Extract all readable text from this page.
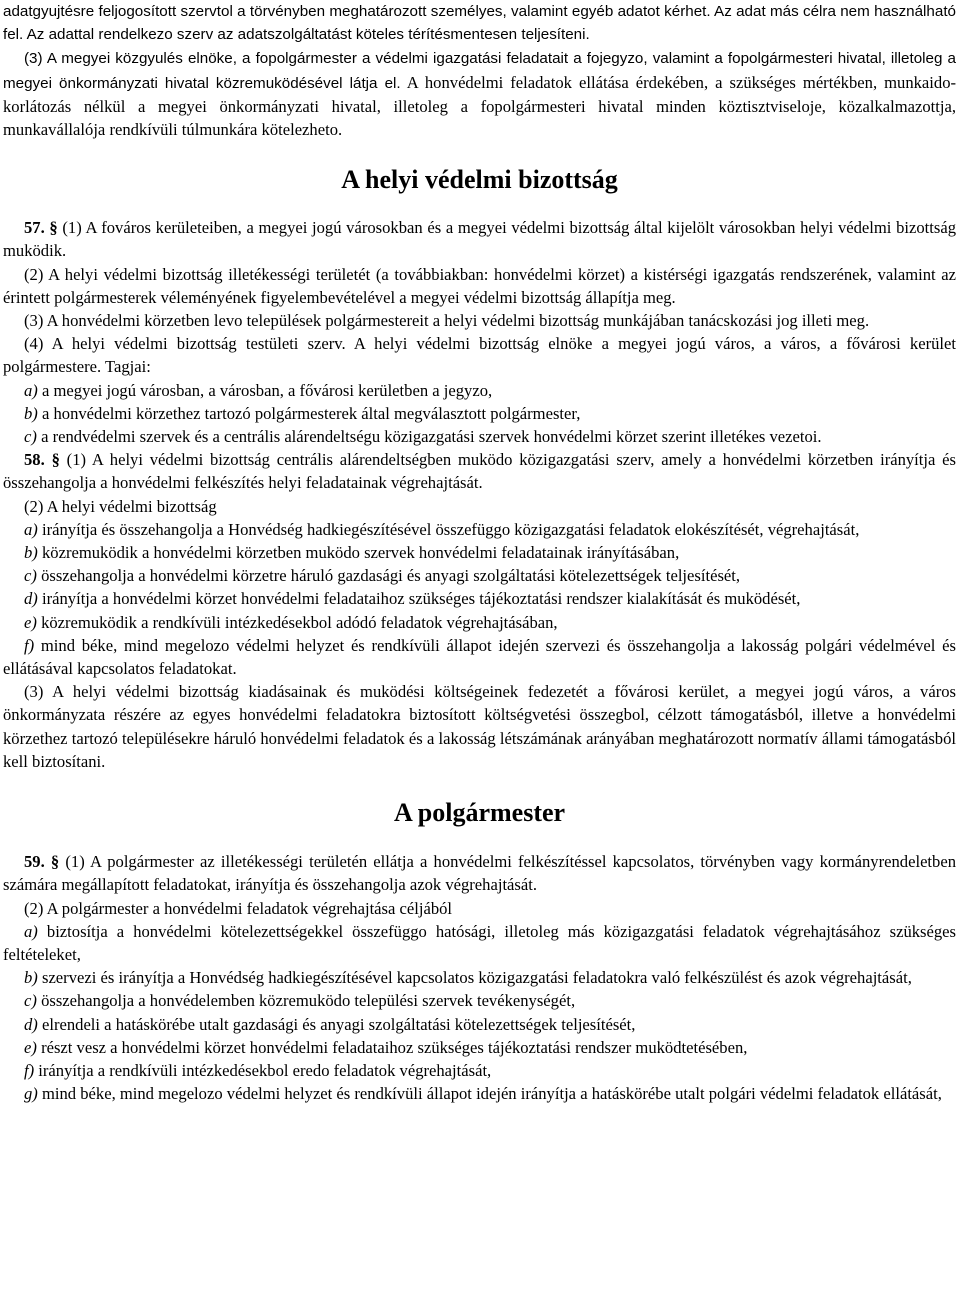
adatgyujtésre feljogosított szervtol a törvényben meghatározott személyes, valamint egyéb adatot kérhet. Az adat más célra nem használható fel. Az adattal rendelkezo szerv az adatszolgáltatást köteles térítésmentesen teljesíteni.

(3) A megyei közgyulés elnöke, a fopolgármester a védelmi igazgatási feladatait a fojegyzo, valamint a fopolgármesteri hivatal, illetoleg a megyei önkormányzati hivatal közremuködésével látja el. A honvédelmi feladatok ellátása érdekében, a szükséges mértékben, munkaido-korlátozás nélkül a megyei önkormányzati hivatal, illetoleg a fopolgármesteri hivatal minden köztisztviseloje, közalkalmazottja, munkavállalója rendkívüli túlmunkára kötelezheto.

A helyi védelmi bizottság

57. § (1) A fováros kerületeiben, a megyei jogú városokban és a megyei védelmi bizottság által kijelölt városokban helyi védelmi bizottság muködik.

(2) A helyi védelmi bizottság illetékességi területét (a továbbiakban: honvédelmi körzet) a kistérségi igazgatás rendszerének, valamint az érintett polgármesterek véleményének figyelembevételével a megyei védelmi bizottság állapítja meg.

(3) A honvédelmi körzetben levo települések polgármestereit a helyi védelmi bizottság munkájában tanácskozási jog illeti meg.

(4) A helyi védelmi bizottság testületi szerv. A helyi védelmi bizottság elnöke a megyei jogú város, a város, a fővárosi kerület polgármestere. Tagjai:

a) a megyei jogú városban, a városban, a fővárosi kerületben a jegyzo,

b) a honvédelmi körzethez tartozó polgármesterek által megválasztott polgármester,

c) a rendvédelmi szervek és a centrális alárendeltségu közigazgatási szervek honvédelmi körzet szerint illetékes vezetoi.

58. § (1) A helyi védelmi bizottság centrális alárendeltségben muködo közigazgatási szerv, amely a honvédelmi körzetben irányítja és összehangolja a honvédelmi felkészítés helyi feladatainak végrehajtását.

(2) A helyi védelmi bizottság

a) irányítja és összehangolja a Honvédség hadkiegészítésével összefüggo közigazgatási feladatok elokészítését, végrehajtását,

b) közremuködik a honvédelmi körzetben muködo szervek honvédelmi feladatainak irányításában,

c) összehangolja a honvédelmi körzetre háruló gazdasági és anyagi szolgáltatási kötelezettségek teljesítését,

d) irányítja a honvédelmi körzet honvédelmi feladataihoz szükséges tájékoztatási rendszer kialakítását és muködését,

e) közremuködik a rendkívüli intézkedésekbol adódó feladatok végrehajtásában,

f) mind béke, mind megelozo védelmi helyzet és rendkívüli állapot idején szervezi és összehangolja a lakosság polgári védelmével és ellátásával kapcsolatos feladatokat.

(3) A helyi védelmi bizottság kiadásainak és muködési költségeinek fedezetét a fővárosi kerület, a megyei jogú város, a város önkormányzata részére az egyes honvédelmi feladatokra biztosított költségvetési összegbol, célzott támogatásból, illetve a honvédelmi körzethez tartozó településekre háruló honvédelmi feladatok és a lakosság létszámának arányában meghatározott normatív állami támogatásból kell biztosítani.

A polgármester

59. § (1) A polgármester az illetékességi területén ellátja a honvédelmi felkészítéssel kapcsolatos, törvényben vagy kormányrendeletben számára megállapított feladatokat, irányítja és összehangolja azok végrehajtását.

(2) A polgármester a honvédelmi feladatok végrehajtása céljából

a) biztosítja a honvédelmi kötelezettségekkel összefüggo hatósági, illetoleg más közigazgatási feladatok végrehajtásához szükséges feltételeket,

b) szervezi és irányítja a Honvédség hadkiegészítésével kapcsolatos közigazgatási feladatokra való felkészülést és azok végrehajtását,

c) összehangolja a honvédelemben közremuködo települési szervek tevékenységét,

d) elrendeli a hatáskörébe utalt gazdasági és anyagi szolgáltatási kötelezettségek teljesítését,

e) részt vesz a honvédelmi körzet honvédelmi feladataihoz szükséges tájékoztatási rendszer muködtetésében,

f) irányítja a rendkívüli intézkedésekbol eredo feladatok végrehajtását,

g) mind béke, mind megelozo védelmi helyzet és rendkívüli állapot idején irányítja a hatáskörébe utalt polgári védelmi feladatok ellátását,
